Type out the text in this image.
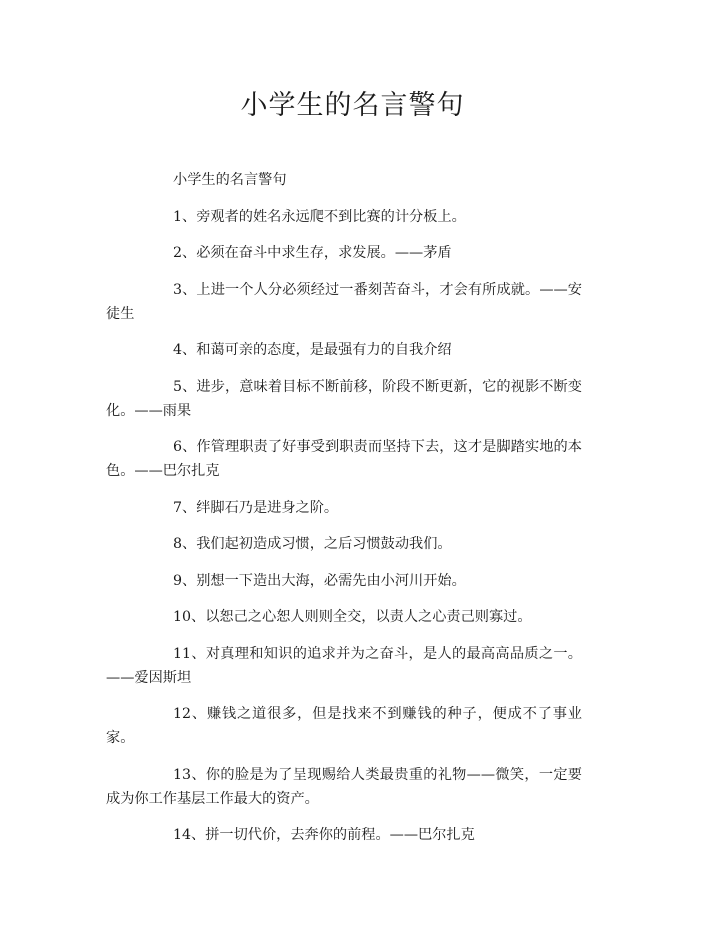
小学生的名言警句

小学生的名言警句

1、旁观者的姓名永远爬不到比赛的计分板上。

2、必须在奋斗中求生存，求发展。——茅盾

3、上进一个人分必须经过一番刻苦奋斗，才会有所成就。——安徒生

4、和蔼可亲的态度，是最强有力的自我介绍

5、进步，意味着目标不断前移，阶段不断更新，它的视影不断变化。——雨果

6、作管理职责了好事受到职责而坚持下去，这才是脚踏实地的本色。——巴尔扎克

7、绊脚石乃是进身之阶。

8、我们起初造成习惯，之后习惯鼓动我们。

9、别想一下造出大海，必需先由小河川开始。

10、以恕己之心恕人则则全交，以责人之心责己则寡过。

11、对真理和知识的追求并为之奋斗，是人的最高高品质之一。——爱因斯坦

12、赚钱之道很多，但是找来不到赚钱的种子，便成不了事业家。

13、你的脸是为了呈现赐给人类最贵重的礼物——微笑，一定要成为你工作基层工作最大的资产。

14、拼一切代价，去奔你的前程。——巴尔扎克
